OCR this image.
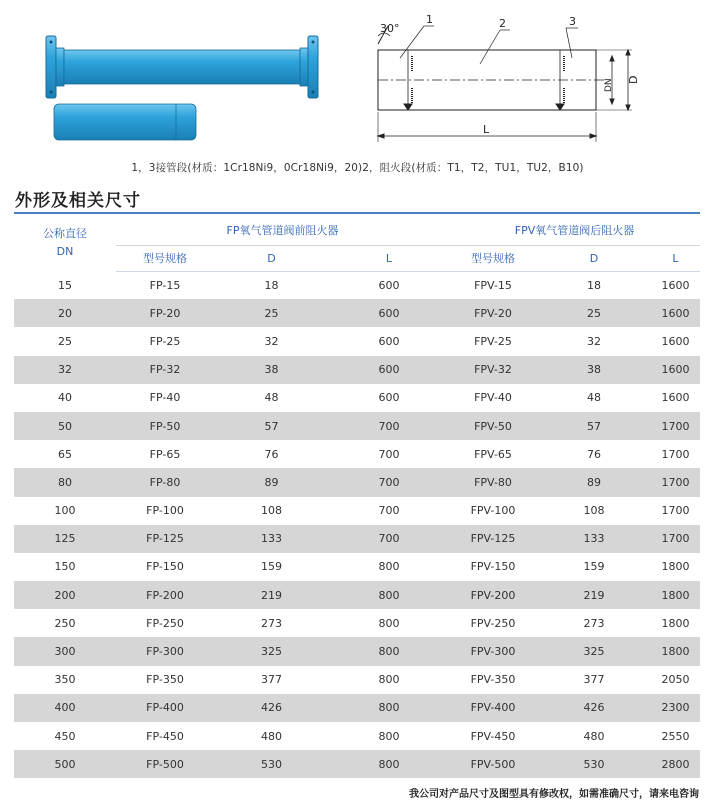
30°
1	2	3
DN D
L
1，3接管段(材质：1Cr18Ni9，0Cr18Ni9，20)2，阻火段(材质：T1，T2，TU1，TU2，B10)
外形及相关尺寸
公称直径
DN	FP氧气管道阀前阻火器			FPV氧气管道阀后阻火器		
	型号规格	D	L	型号规格	D	L
15	FP-15	18	600	FPV-15	18	1600
20	FP-20	25	600	FPV-20	25	1600
25	FP-25	32	600	FPV-25	32	1600
32	FP-32	38	600	FPV-32	38	1600
40	FP-40	48	600	FPV-40	48	1600
50	FP-50	57	700	FPV-50	57	1700
65	FP-65	76	700	FPV-65	76	1700
80	FP-80	89	700	FPV-80	89	1700
100	FP-100	108	700	FPV-100	108	1700
125	FP-125	133	700	FPV-125	133	1700
150	FP-150	159	800	FPV-150	159	1800
200	FP-200	219	800	FPV-200	219	1800
250	FP-250	273	800	FPV-250	273	1800
300	FP-300	325	800	FPV-300	325	1800
350	FP-350	377	800	FPV-350	377	2050
400	FP-400	426	800	FPV-400	426	2300
450	FP-450	480	800	FPV-450	480	2550
500	FP-500	530	800	FPV-500	530	2800
我公司对产品尺寸及图型具有修改权，如需准确尺寸，请来电咨询
